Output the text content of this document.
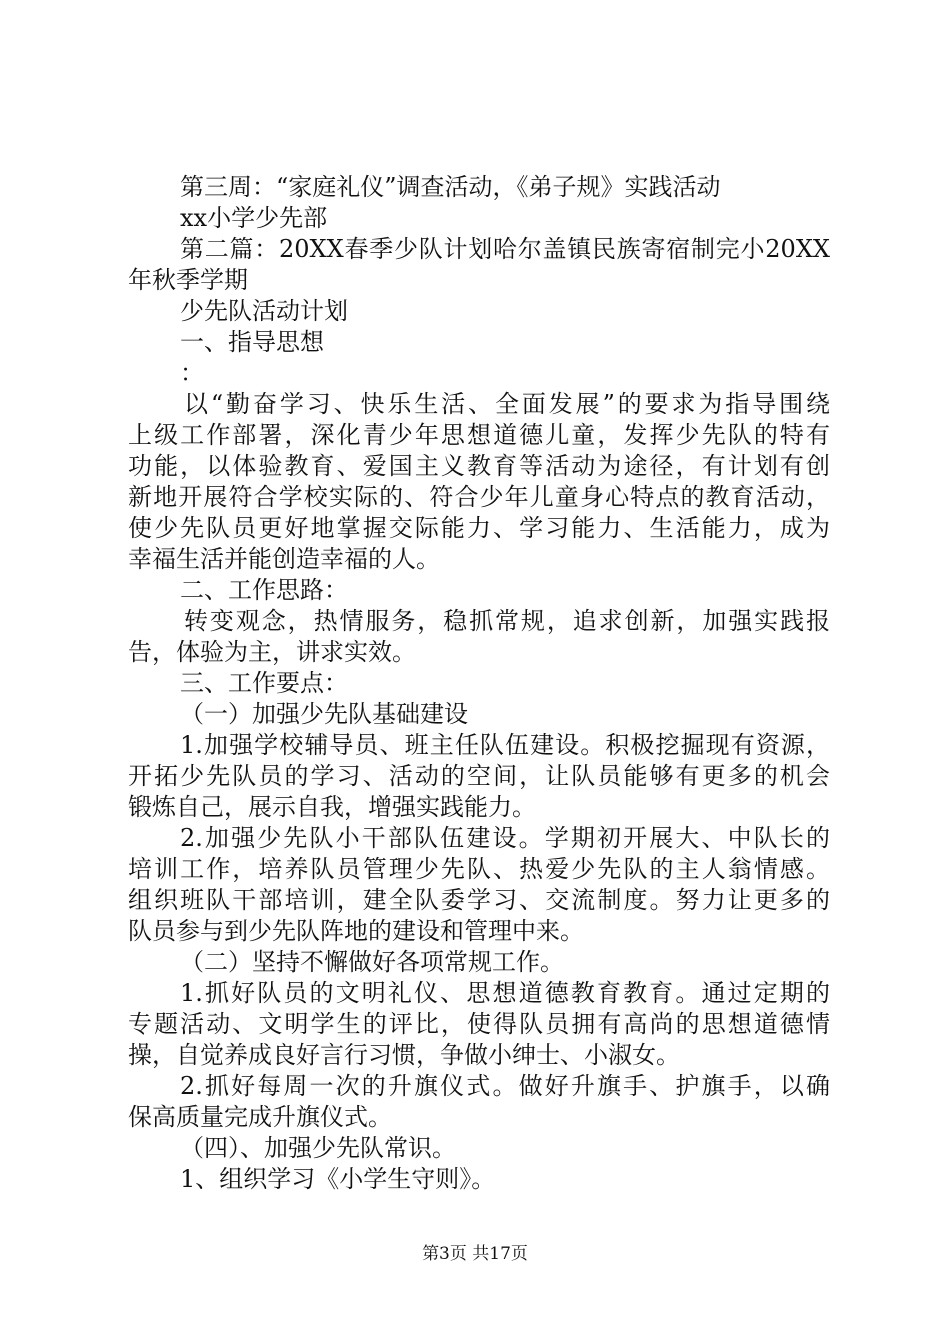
第三周：“家庭礼仪”调查活动，《弟子规》实践活动
xx小学少先部
第二篇：20XX春季少队计划哈尔盖镇民族寄宿制完小20XX
年秋季学期
少先队活动计划
一、指导思想
：
以“勤奋学习、快乐生活、全面发展”的要求为指导围绕
上级工作部署，深化青少年思想道德儿童，发挥少先队的特有
功能，以体验教育、爱国主义教育等活动为途径，有计划有创
新地开展符合学校实际的、符合少年儿童身心特点的教育活动，
使少先队员更好地掌握交际能力、学习能力、生活能力，成为
幸福生活并能创造幸福的人。
二、工作思路：
转变观念，热情服务，稳抓常规，追求创新，加强实践报
告，体验为主，讲求实效。
三、工作要点：
（一）加强少先队基础建设
1.加强学校辅导员、班主任队伍建设。积极挖掘现有资源，
开拓少先队员的学习、活动的空间，让队员能够有更多的机会
锻炼自己，展示自我，增强实践能力。
2.加强少先队小干部队伍建设。学期初开展大、中队长的
培训工作，培养队员管理少先队、热爱少先队的主人翁情感。
组织班队干部培训，建全队委学习、交流制度。努力让更多的
队员参与到少先队阵地的建设和管理中来。
（二）坚持不懈做好各项常规工作。
1.抓好队员的文明礼仪、思想道德教育教育。通过定期的
专题活动、文明学生的评比，使得队员拥有高尚的思想道德情
操，自觉养成良好言行习惯，争做小绅士、小淑女。
2.抓好每周一次的升旗仪式。做好升旗手、护旗手，以确
保高质量完成升旗仪式。
（四）、加强少先队常识。
1、组织学习《小学生守则》。
第3页 共17页
